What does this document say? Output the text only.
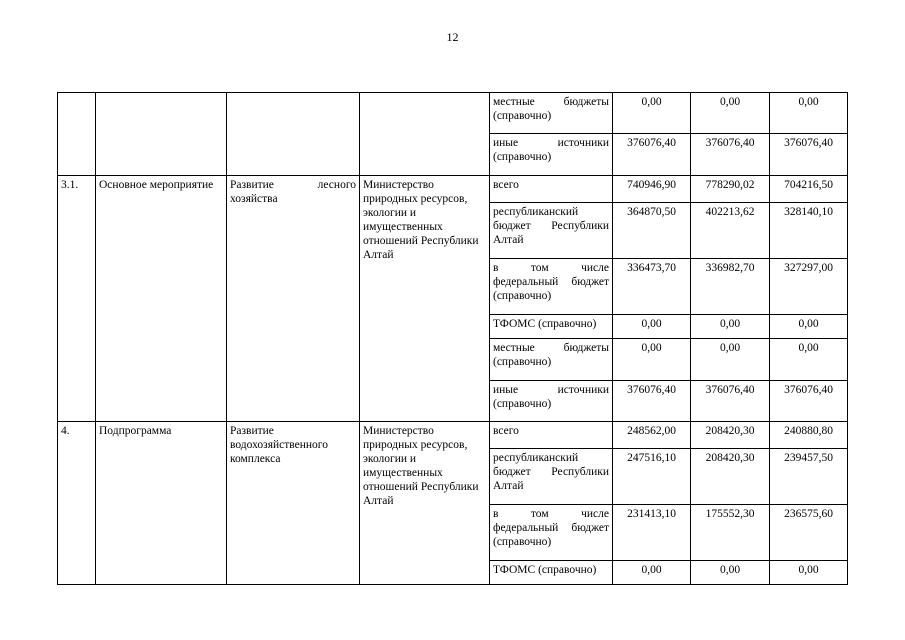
12
				местные бюджеты (справочно)	0,00	0,00	0,00
				иные источники (справочно)	376076,40	376076,40	376076,40
3.1.	Основное мероприятие	Развитие лесного хозяйства	Министерство природных ресурсов, экологии и имущественных отношений Республики Алтай	всего	740946,90	778290,02	704216,50
				республиканский бюджет Республики Алтай	364870,50	402213,62	328140,10
				в том числе федеральный бюджет (справочно)	336473,70	336982,70	327297,00
				ТФОМС (справочно)	0,00	0,00	0,00
				местные бюджеты (справочно)	0,00	0,00	0,00
				иные источники (справочно)	376076,40	376076,40	376076,40
4.	Подпрограмма	Развитие водохозяйственного комплекса	Министерство природных ресурсов, экологии и имущественных отношений Республики Алтай	всего	248562,00	208420,30	240880,80
				республиканский бюджет Республики Алтай	247516,10	208420,30	239457,50
				в том числе федеральный бюджет (справочно)	231413,10	175552,30	236575,60
				ТФОМС (справочно)	0,00	0,00	0,00
